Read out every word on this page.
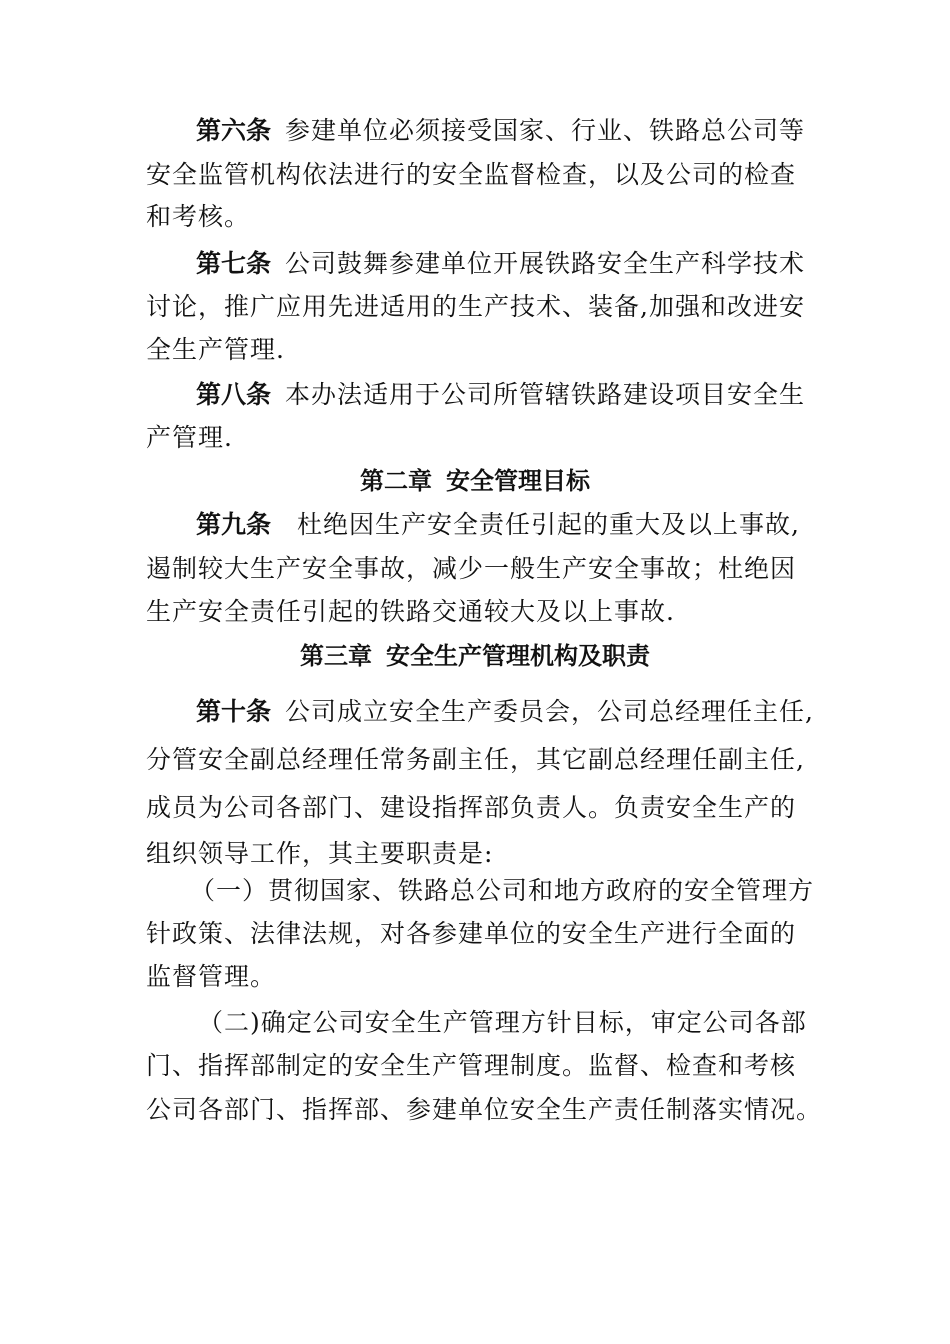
第六条 参建单位必须接受国家、行业、铁路总公司等
安全监管机构依法进行的安全监督检查，以及公司的检查
和考核。
第七条 公司鼓舞参建单位开展铁路安全生产科学技术
讨论，推广应用先进适用的生产技术、装备,加强和改进安
全生产管理.
第八条 本办法适用于公司所管辖铁路建设项目安全生
产管理.
第二章 安全管理目标
第九条 杜绝因生产安全责任引起的重大及以上事故,
遏制较大生产安全事故，减少一般生产安全事故；杜绝因
生产安全责任引起的铁路交通较大及以上事故.
第三章 安全生产管理机构及职责
第十条 公司成立安全生产委员会，公司总经理任主任,
分管安全副总经理任常务副主任，其它副总经理任副主任,
成员为公司各部门、建设指挥部负责人。负责安全生产的
组织领导工作，其主要职责是:
（一）贯彻国家、铁路总公司和地方政府的安全管理方
针政策、法律法规，对各参建单位的安全生产进行全面的
监督管理。
（二)确定公司安全生产管理方针目标，审定公司各部
门、指挥部制定的安全生产管理制度。监督、检查和考核
公司各部门、指挥部、参建单位安全生产责任制落实情况。
